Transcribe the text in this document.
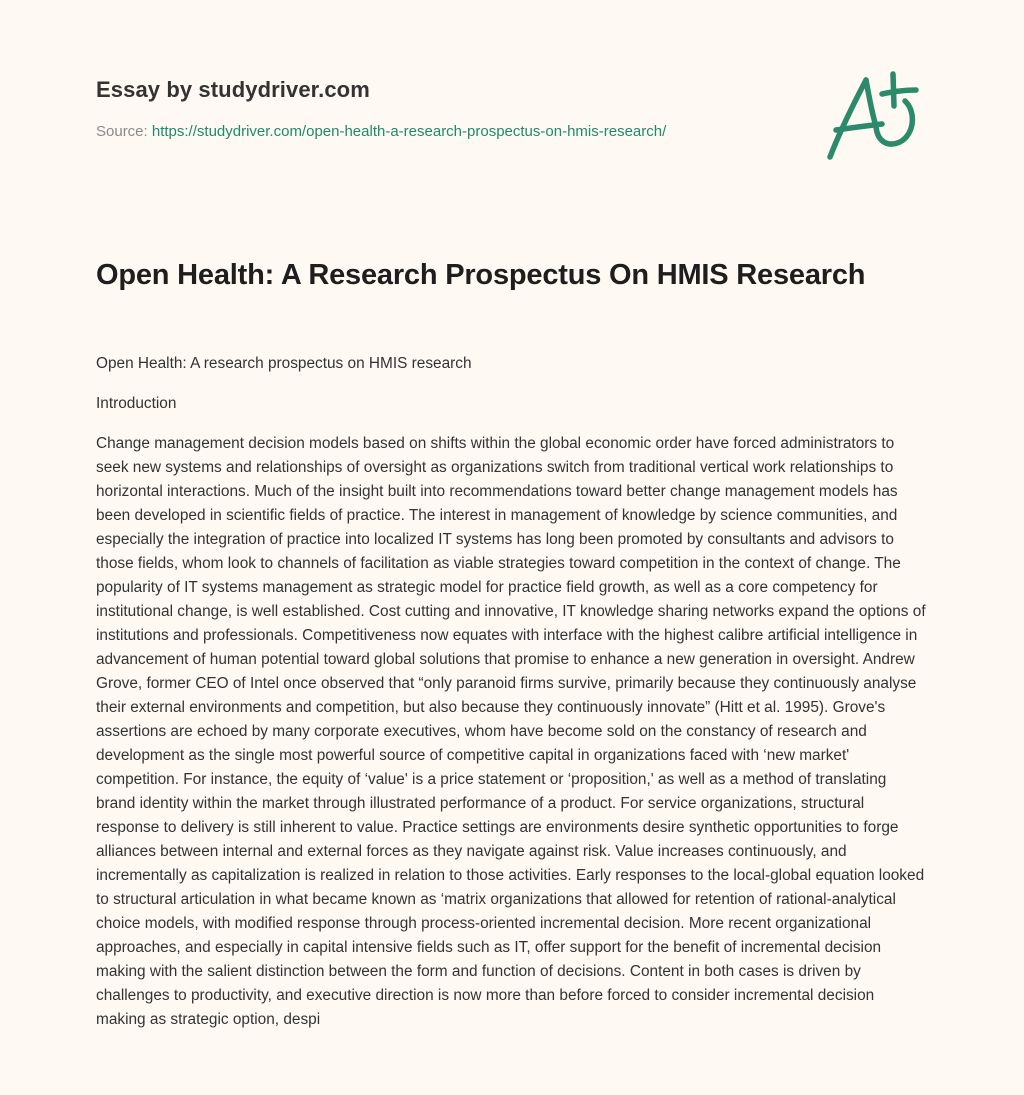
Essay by studydriver.com
Source: https://studydriver.com/open-health-a-research-prospectus-on-hmis-research/
Open Health: A Research Prospectus On HMIS Research

Open Health: A research prospectus on HMIS research

Introduction

Change management decision models based on shifts within the global economic order have forced administrators to seek new systems and relationships of oversight as organizations switch from traditional vertical work relationships to horizontal interactions. Much of the insight built into recommendations toward better change management models has been developed in scientific fields of practice. The interest in management of knowledge by science communities, and especially the integration of practice into localized IT systems has long been promoted by consultants and advisors to those fields, whom look to channels of facilitation as viable strategies toward competition in the context of change. The popularity of IT systems management as strategic model for practice field growth, as well as a core competency for institutional change, is well established. Cost cutting and innovative, IT knowledge sharing networks expand the options of institutions and professionals. Competitiveness now equates with interface with the highest calibre artificial intelligence in advancement of human potential toward global solutions that promise to enhance a new generation in oversight. Andrew Grove, former CEO of Intel once observed that “only paranoid firms survive, primarily because they continuously analyse their external environments and competition, but also because they continuously innovate” (Hitt et al. 1995). Grove's assertions are echoed by many corporate executives, whom have become sold on the constancy of research and development as the single most powerful source of competitive capital in organizations faced with ‘new market' competition. For instance, the equity of ‘value' is a price statement or ‘proposition,' as well as a method of translating brand identity within the market through illustrated performance of a product. For service organizations, structural response to delivery is still inherent to value. Practice settings are environments desire synthetic opportunities to forge alliances between internal and external forces as they navigate against risk. Value increases continuously, and incrementally as capitalization is realized in relation to those activities. Early responses to the local-global equation looked to structural articulation in what became known as ‘matrix organizations that allowed for retention of rational-analytical choice models, with modified response through process-oriented incremental decision. More recent organizational approaches, and especially in capital intensive fields such as IT, offer support for the benefit of incremental decision making with the salient distinction between the form and function of decisions. Content in both cases is driven by challenges to productivity, and executive direction is now more than before forced to consider incremental decision making as strategic option, despi
